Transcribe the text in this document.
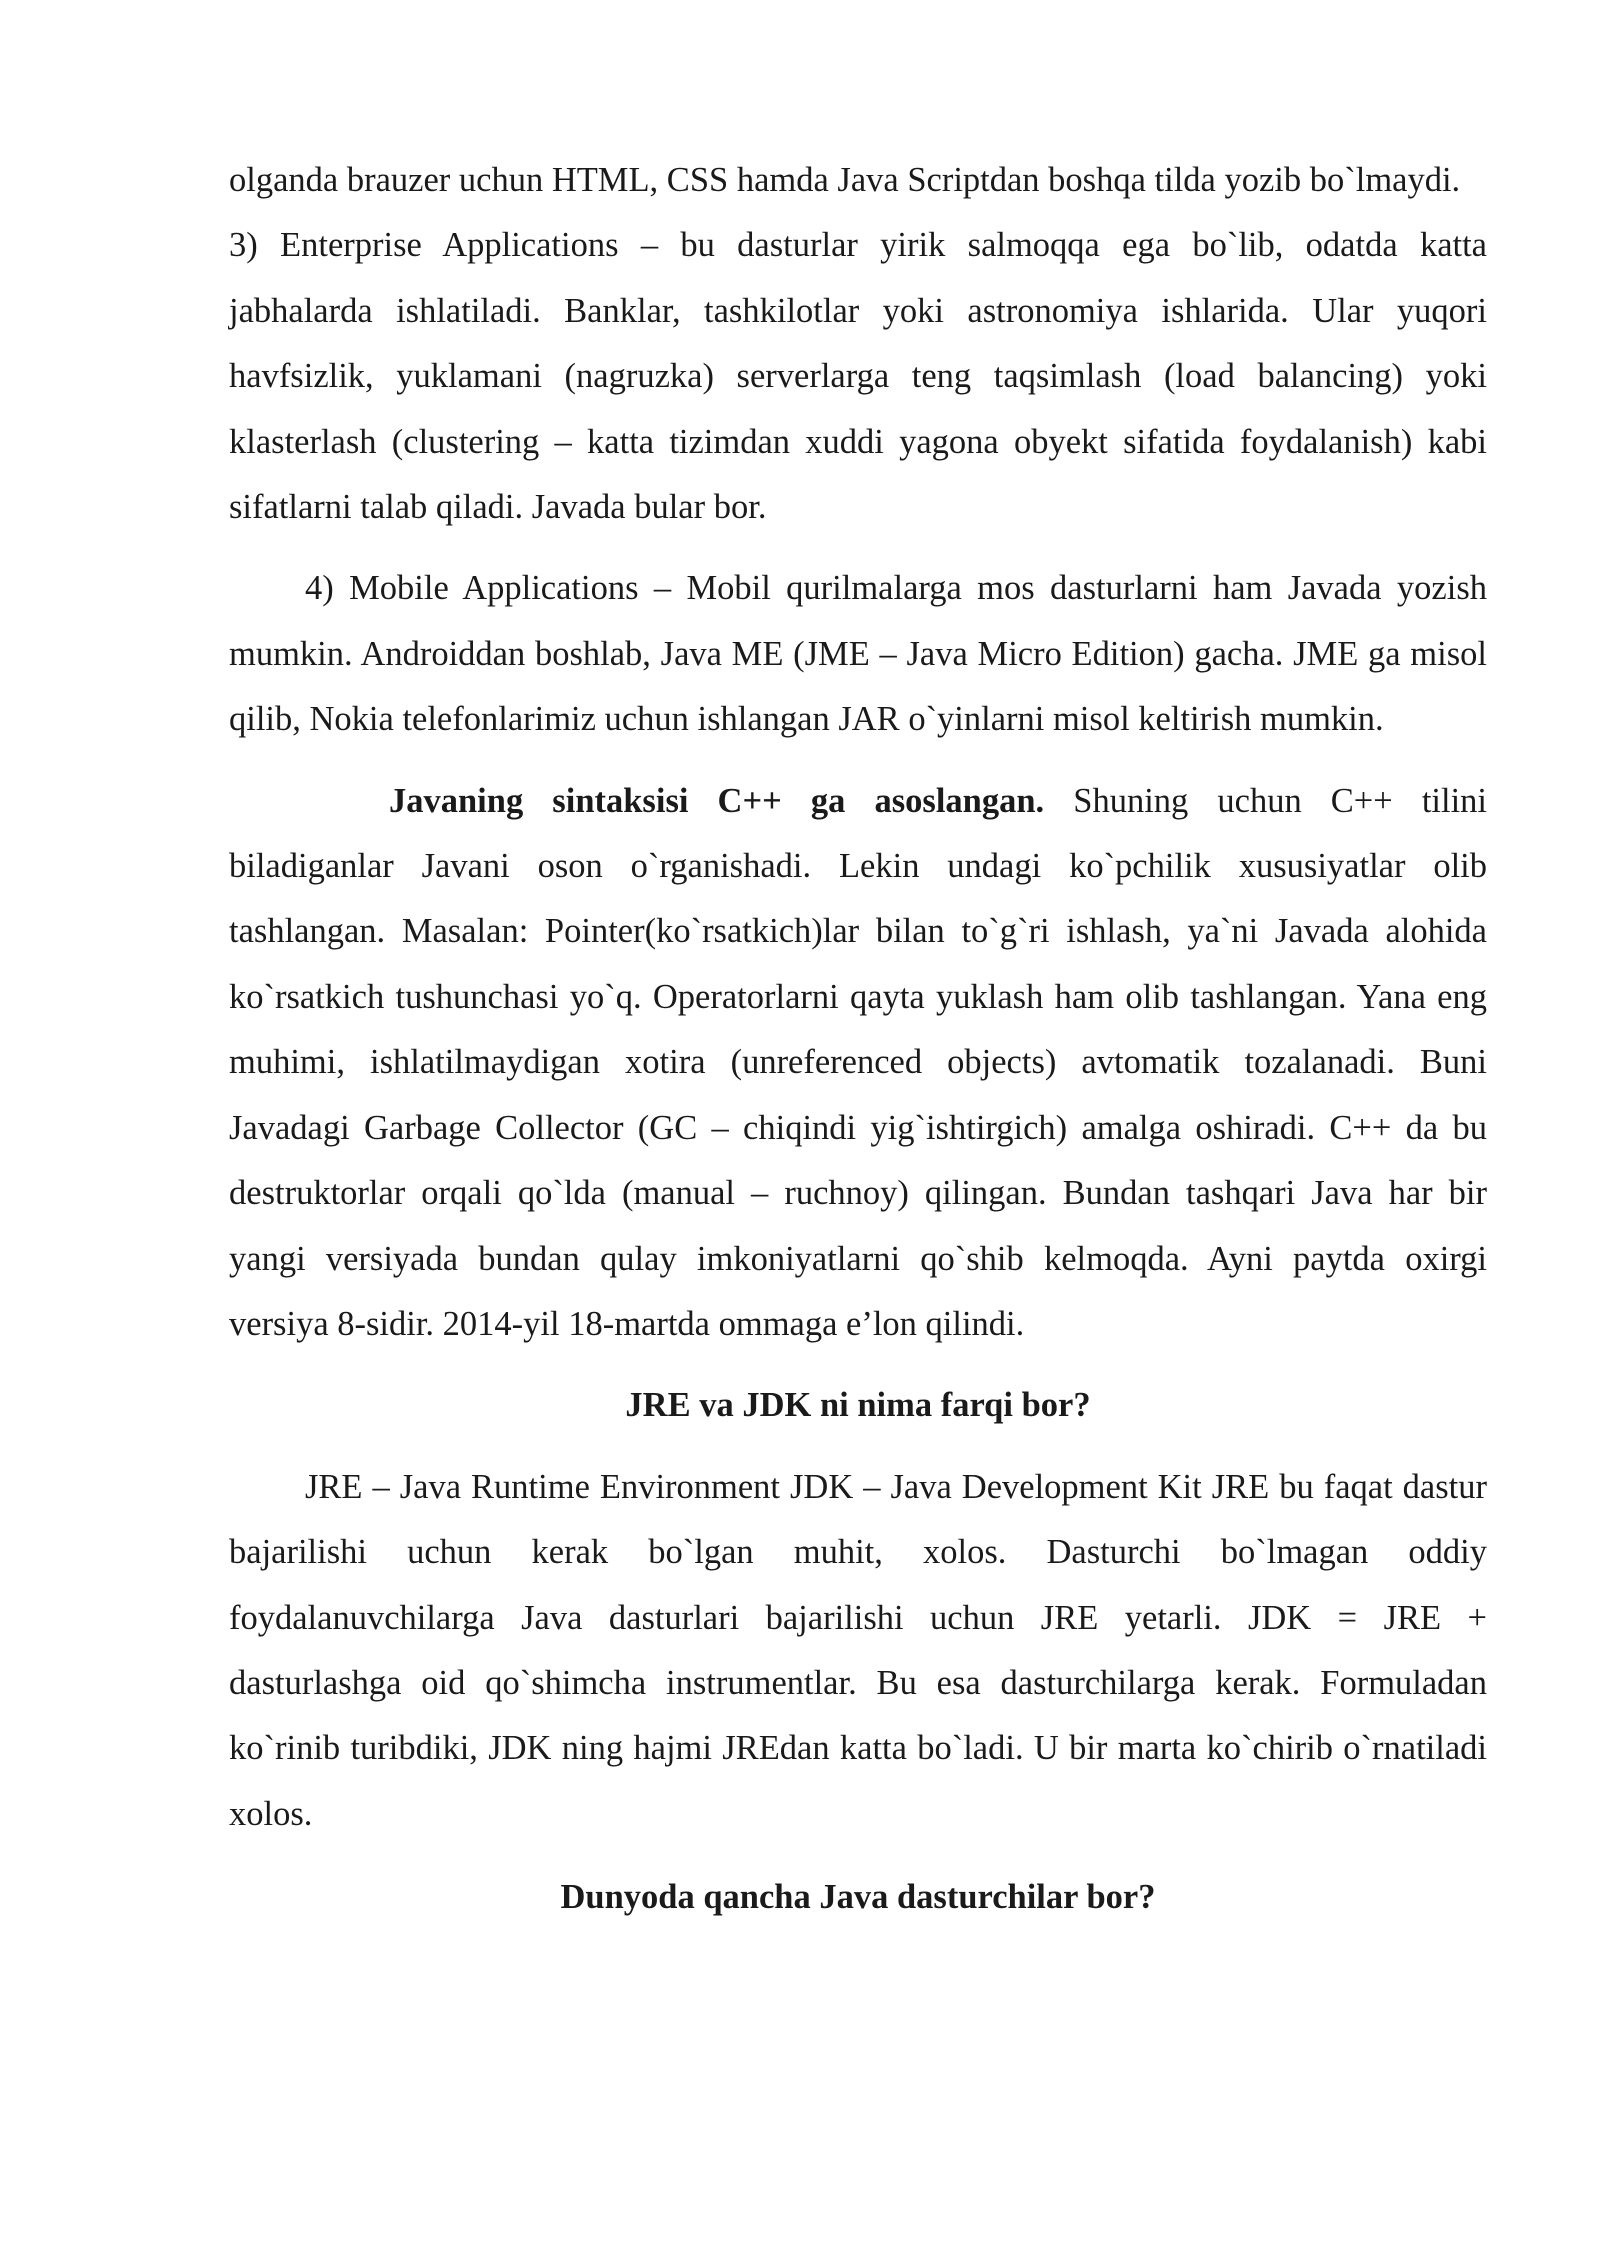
olganda brauzer uchun HTML, CSS hamda Java Scriptdan boshqa tilda yozib bo`lmaydi.

3) Enterprise Applications – bu dasturlar yirik salmoqqa ega bo`lib, odatda katta jabhalarda ishlatiladi. Banklar, tashkilotlar yoki astronomiya ishlarida. Ular yuqori havfsizlik, yuklamani (nagruzka) serverlarga teng taqsimlash (load balancing) yoki klasterlash (clustering – katta tizimdan xuddi yagona obyekt sifatida foydalanish) kabi sifatlarni talab qiladi. Javada bular bor.

4) Mobile Applications – Mobil qurilmalarga mos dasturlarni ham Javada yozish mumkin. Androiddan boshlab, Java ME (JME – Java Micro Edition) gacha. JME ga misol qilib, Nokia telefonlarimiz uchun ishlangan JAR o`yinlarni misol keltirish mumkin.

Javaning sintaksisi C++ ga asoslangan. Shuning uchun C++ tilini biladiganlar Javani oson o`rganishadi. Lekin undagi ko`pchilik xususiyatlar olib tashlangan. Masalan: Pointer(ko`rsatkich)lar bilan to`g`ri ishlash, ya`ni Javada alohida ko`rsatkich tushunchasi yo`q. Operatorlarni qayta yuklash ham olib tashlangan. Yana eng muhimi, ishlatilmaydigan xotira (unreferenced objects) avtomatik tozalanadi. Buni Javadagi Garbage Collector (GC – chiqindi yig`ishtirgich) amalga oshiradi. C++ da bu destruktorlar orqali qo`lda (manual – ruchnoy) qilingan. Bundan tashqari Java har bir yangi versiyada bundan qulay imkoniyatlarni qo`shib kelmoqda. Ayni paytda oxirgi versiya 8-sidir. 2014-yil 18-martda ommaga e’lon qilindi.

JRE va JDK ni nima farqi bor?

JRE – Java Runtime Environment JDK – Java Development Kit JRE bu faqat dastur bajarilishi uchun kerak bo`lgan muhit, xolos. Dasturchi bo`lmagan oddiy foydalanuvchilarga Java dasturlari bajarilishi uchun JRE yetarli. JDK = JRE + dasturlashga oid qo`shimcha instrumentlar. Bu esa dasturchilarga kerak. Formuladan ko`rinib turibdiki, JDK ning hajmi JREdan katta bo`ladi. U bir marta ko`chirib o`rnatiladi xolos.

Dunyoda qancha Java dasturchilar bor?
